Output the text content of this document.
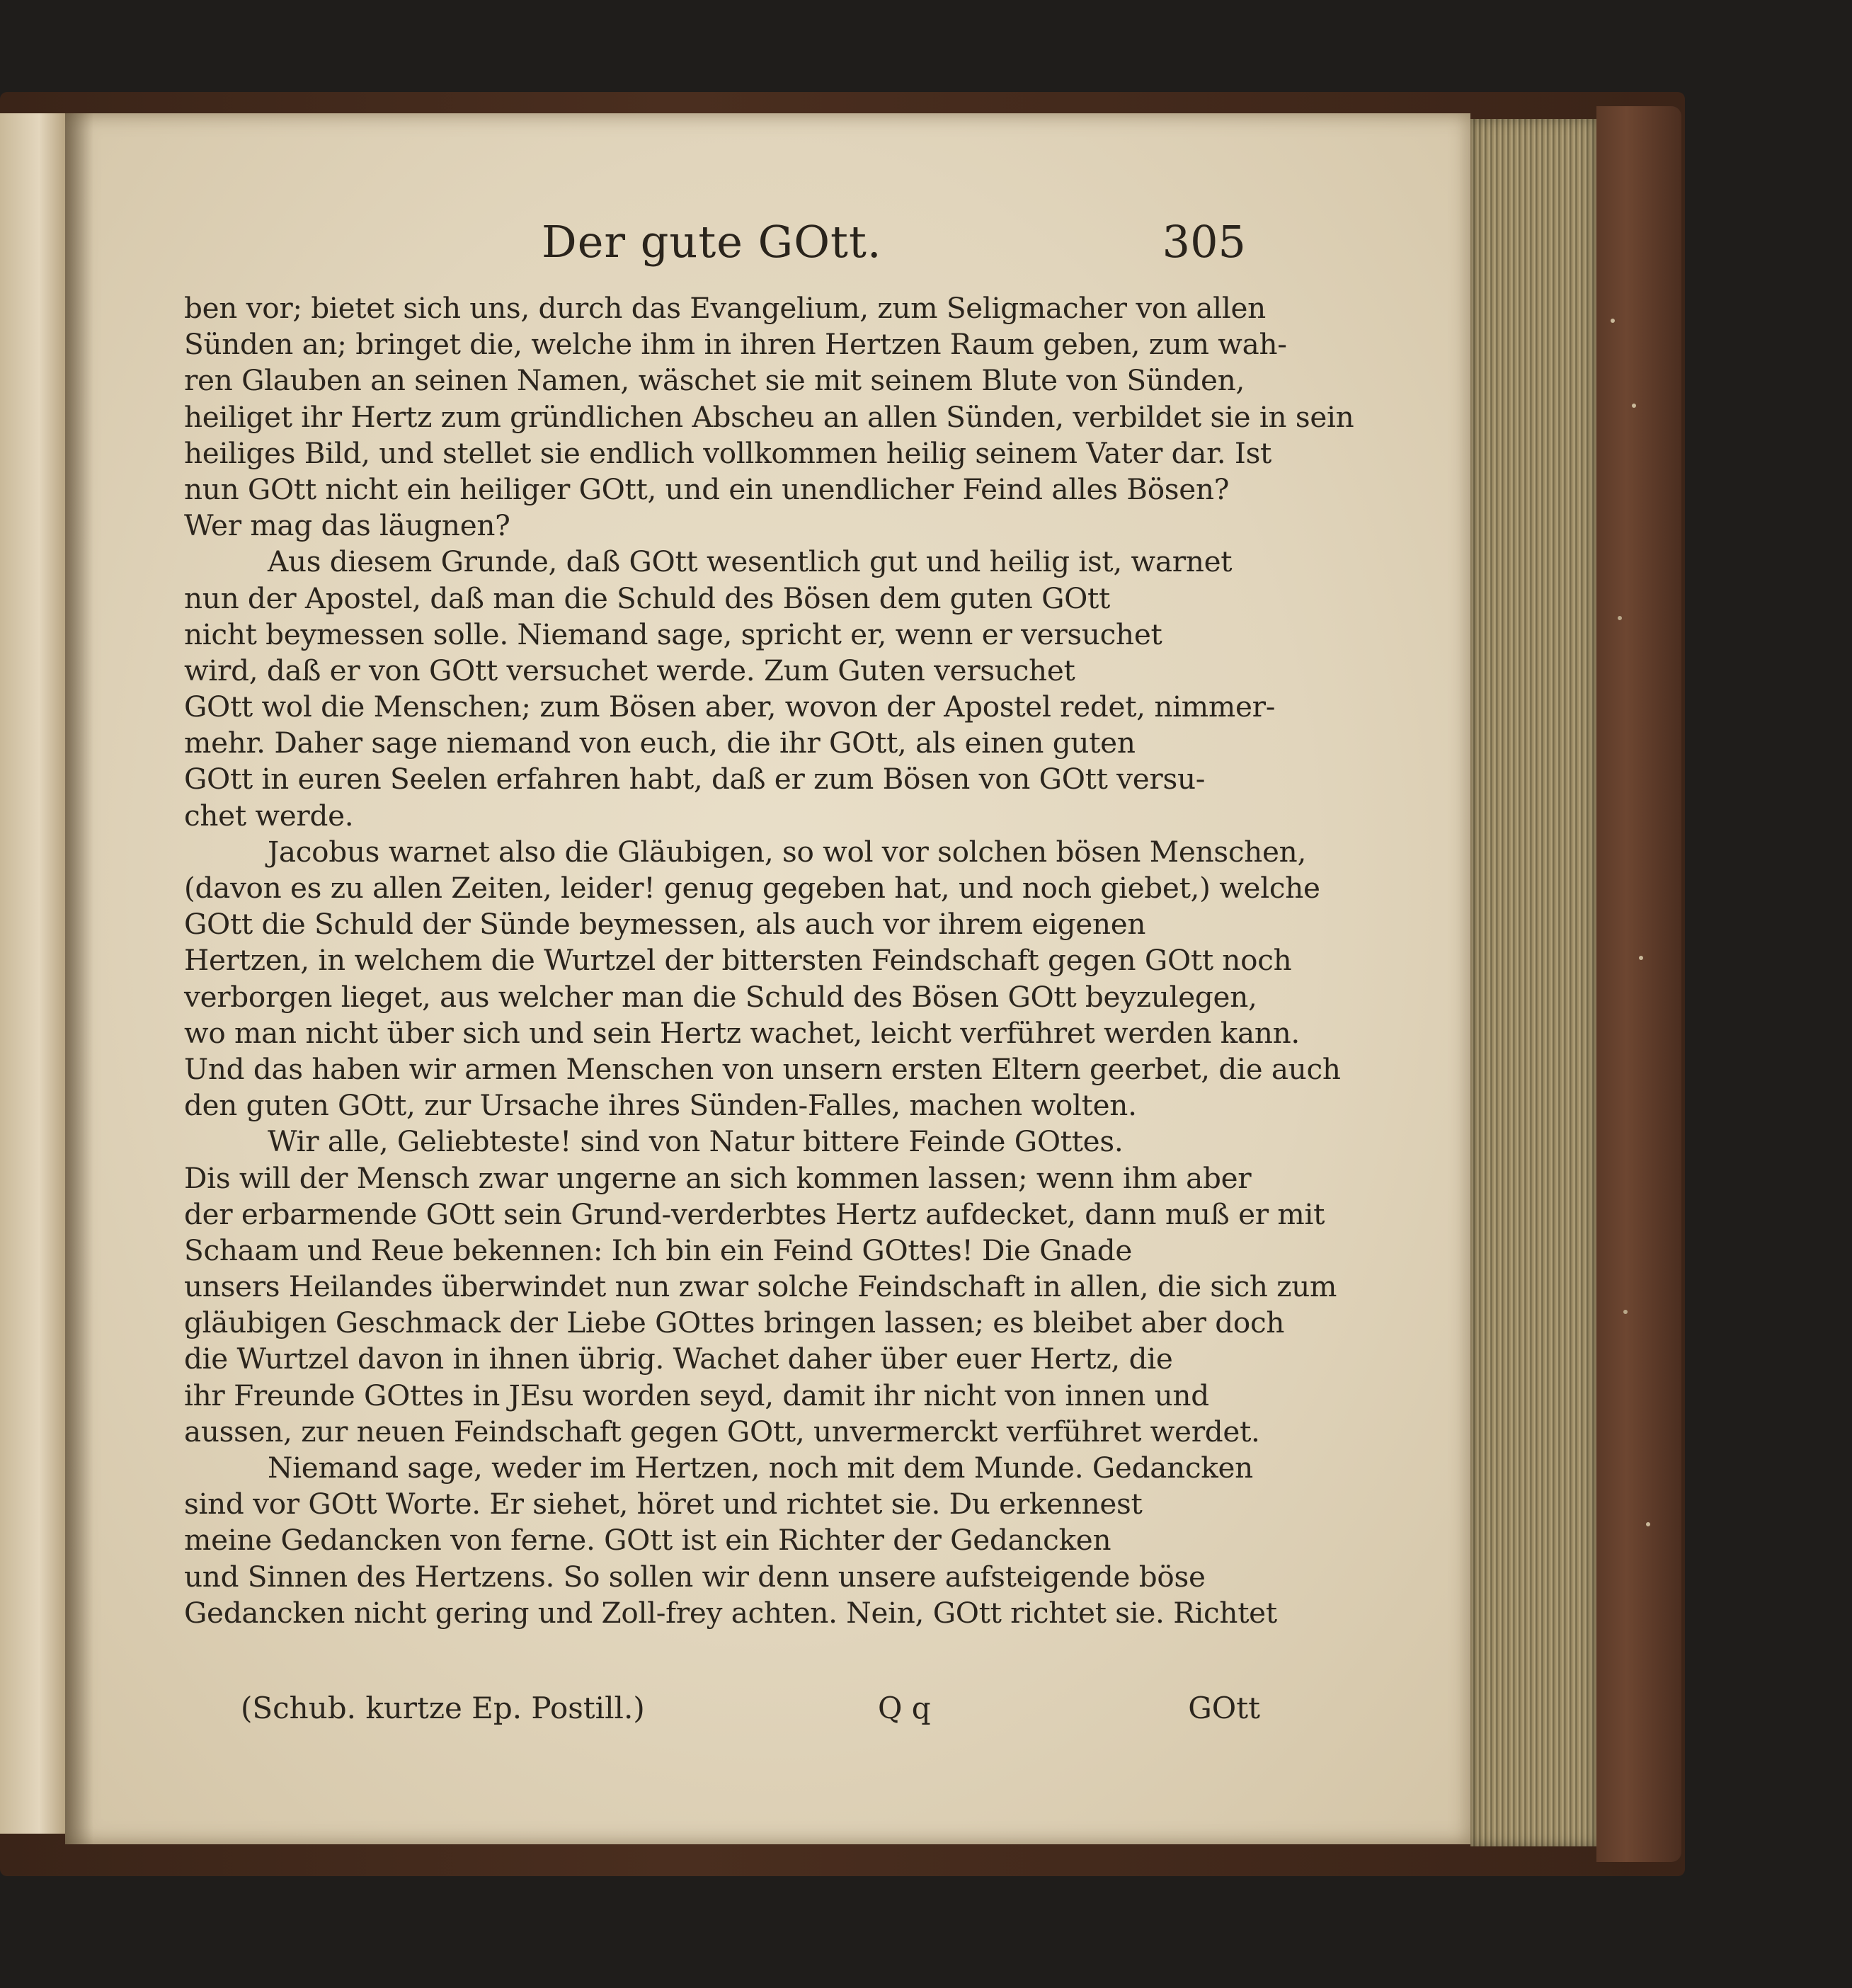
Der gute GOtt.	305
ben vor; bietet sich uns, durch das Evangelium, zum Seligmacher von allen
Sünden an; bringet die, welche ihm in ihren Hertzen Raum geben, zum wah-
ren Glauben an seinen Namen, wäschet sie mit seinem Blute von Sünden,
heiliget ihr Hertz zum gründlichen Abscheu an allen Sünden, verbildet sie in sein
heiliges Bild, und stellet sie endlich vollkommen heilig seinem Vater dar. Ist
nun GOtt nicht ein heiliger GOtt, und ein unendlicher Feind alles Bösen?
Wer mag das läugnen?
Aus diesem Grunde, daß GOtt wesentlich gut und heilig ist, warnet
nun der Apostel, daß man die Schuld des Bösen dem guten GOtt
nicht beymessen solle. Niemand sage, spricht er, wenn er versuchet
wird, daß er von GOtt versuchet werde. Zum Guten versuchet
GOtt wol die Menschen; zum Bösen aber, wovon der Apostel redet, nimmer-
mehr. Daher sage niemand von euch, die ihr GOtt, als einen guten
GOtt in euren Seelen erfahren habt, daß er zum Bösen von GOtt versu-
chet werde.
Jacobus warnet also die Gläubigen, so wol vor solchen bösen Menschen,
(davon es zu allen Zeiten, leider! genug gegeben hat, und noch giebet,) welche
GOtt die Schuld der Sünde beymessen, als auch vor ihrem eigenen
Hertzen, in welchem die Wurtzel der bittersten Feindschaft gegen GOtt noch
verborgen lieget, aus welcher man die Schuld des Bösen GOtt beyzulegen,
wo man nicht über sich und sein Hertz wachet, leicht verführet werden kann.
Und das haben wir armen Menschen von unsern ersten Eltern geerbet, die auch
den guten GOtt, zur Ursache ihres Sünden-Falles, machen wolten.
Wir alle, Geliebteste! sind von Natur bittere Feinde GOttes.
Dis will der Mensch zwar ungerne an sich kommen lassen; wenn ihm aber
der erbarmende GOtt sein Grund-verderbtes Hertz aufdecket, dann muß er mit
Schaam und Reue bekennen: Ich bin ein Feind GOttes! Die Gnade
unsers Heilandes überwindet nun zwar solche Feindschaft in allen, die sich zum
gläubigen Geschmack der Liebe GOttes bringen lassen; es bleibet aber doch
die Wurtzel davon in ihnen übrig. Wachet daher über euer Hertz, die
ihr Freunde GOttes in JEsu worden seyd, damit ihr nicht von innen und
aussen, zur neuen Feindschaft gegen GOtt, unvermerckt verführet werdet.
Niemand sage, weder im Hertzen, noch mit dem Munde. Gedancken
sind vor GOtt Worte. Er siehet, höret und richtet sie. Du erkennest
meine Gedancken von ferne. GOtt ist ein Richter der Gedancken
und Sinnen des Hertzens. So sollen wir denn unsere aufsteigende böse
Gedancken nicht gering und Zoll-frey achten. Nein, GOtt richtet sie. Richtet
(Schub. kurtze Ep. Postill.)	Q q	GOtt
